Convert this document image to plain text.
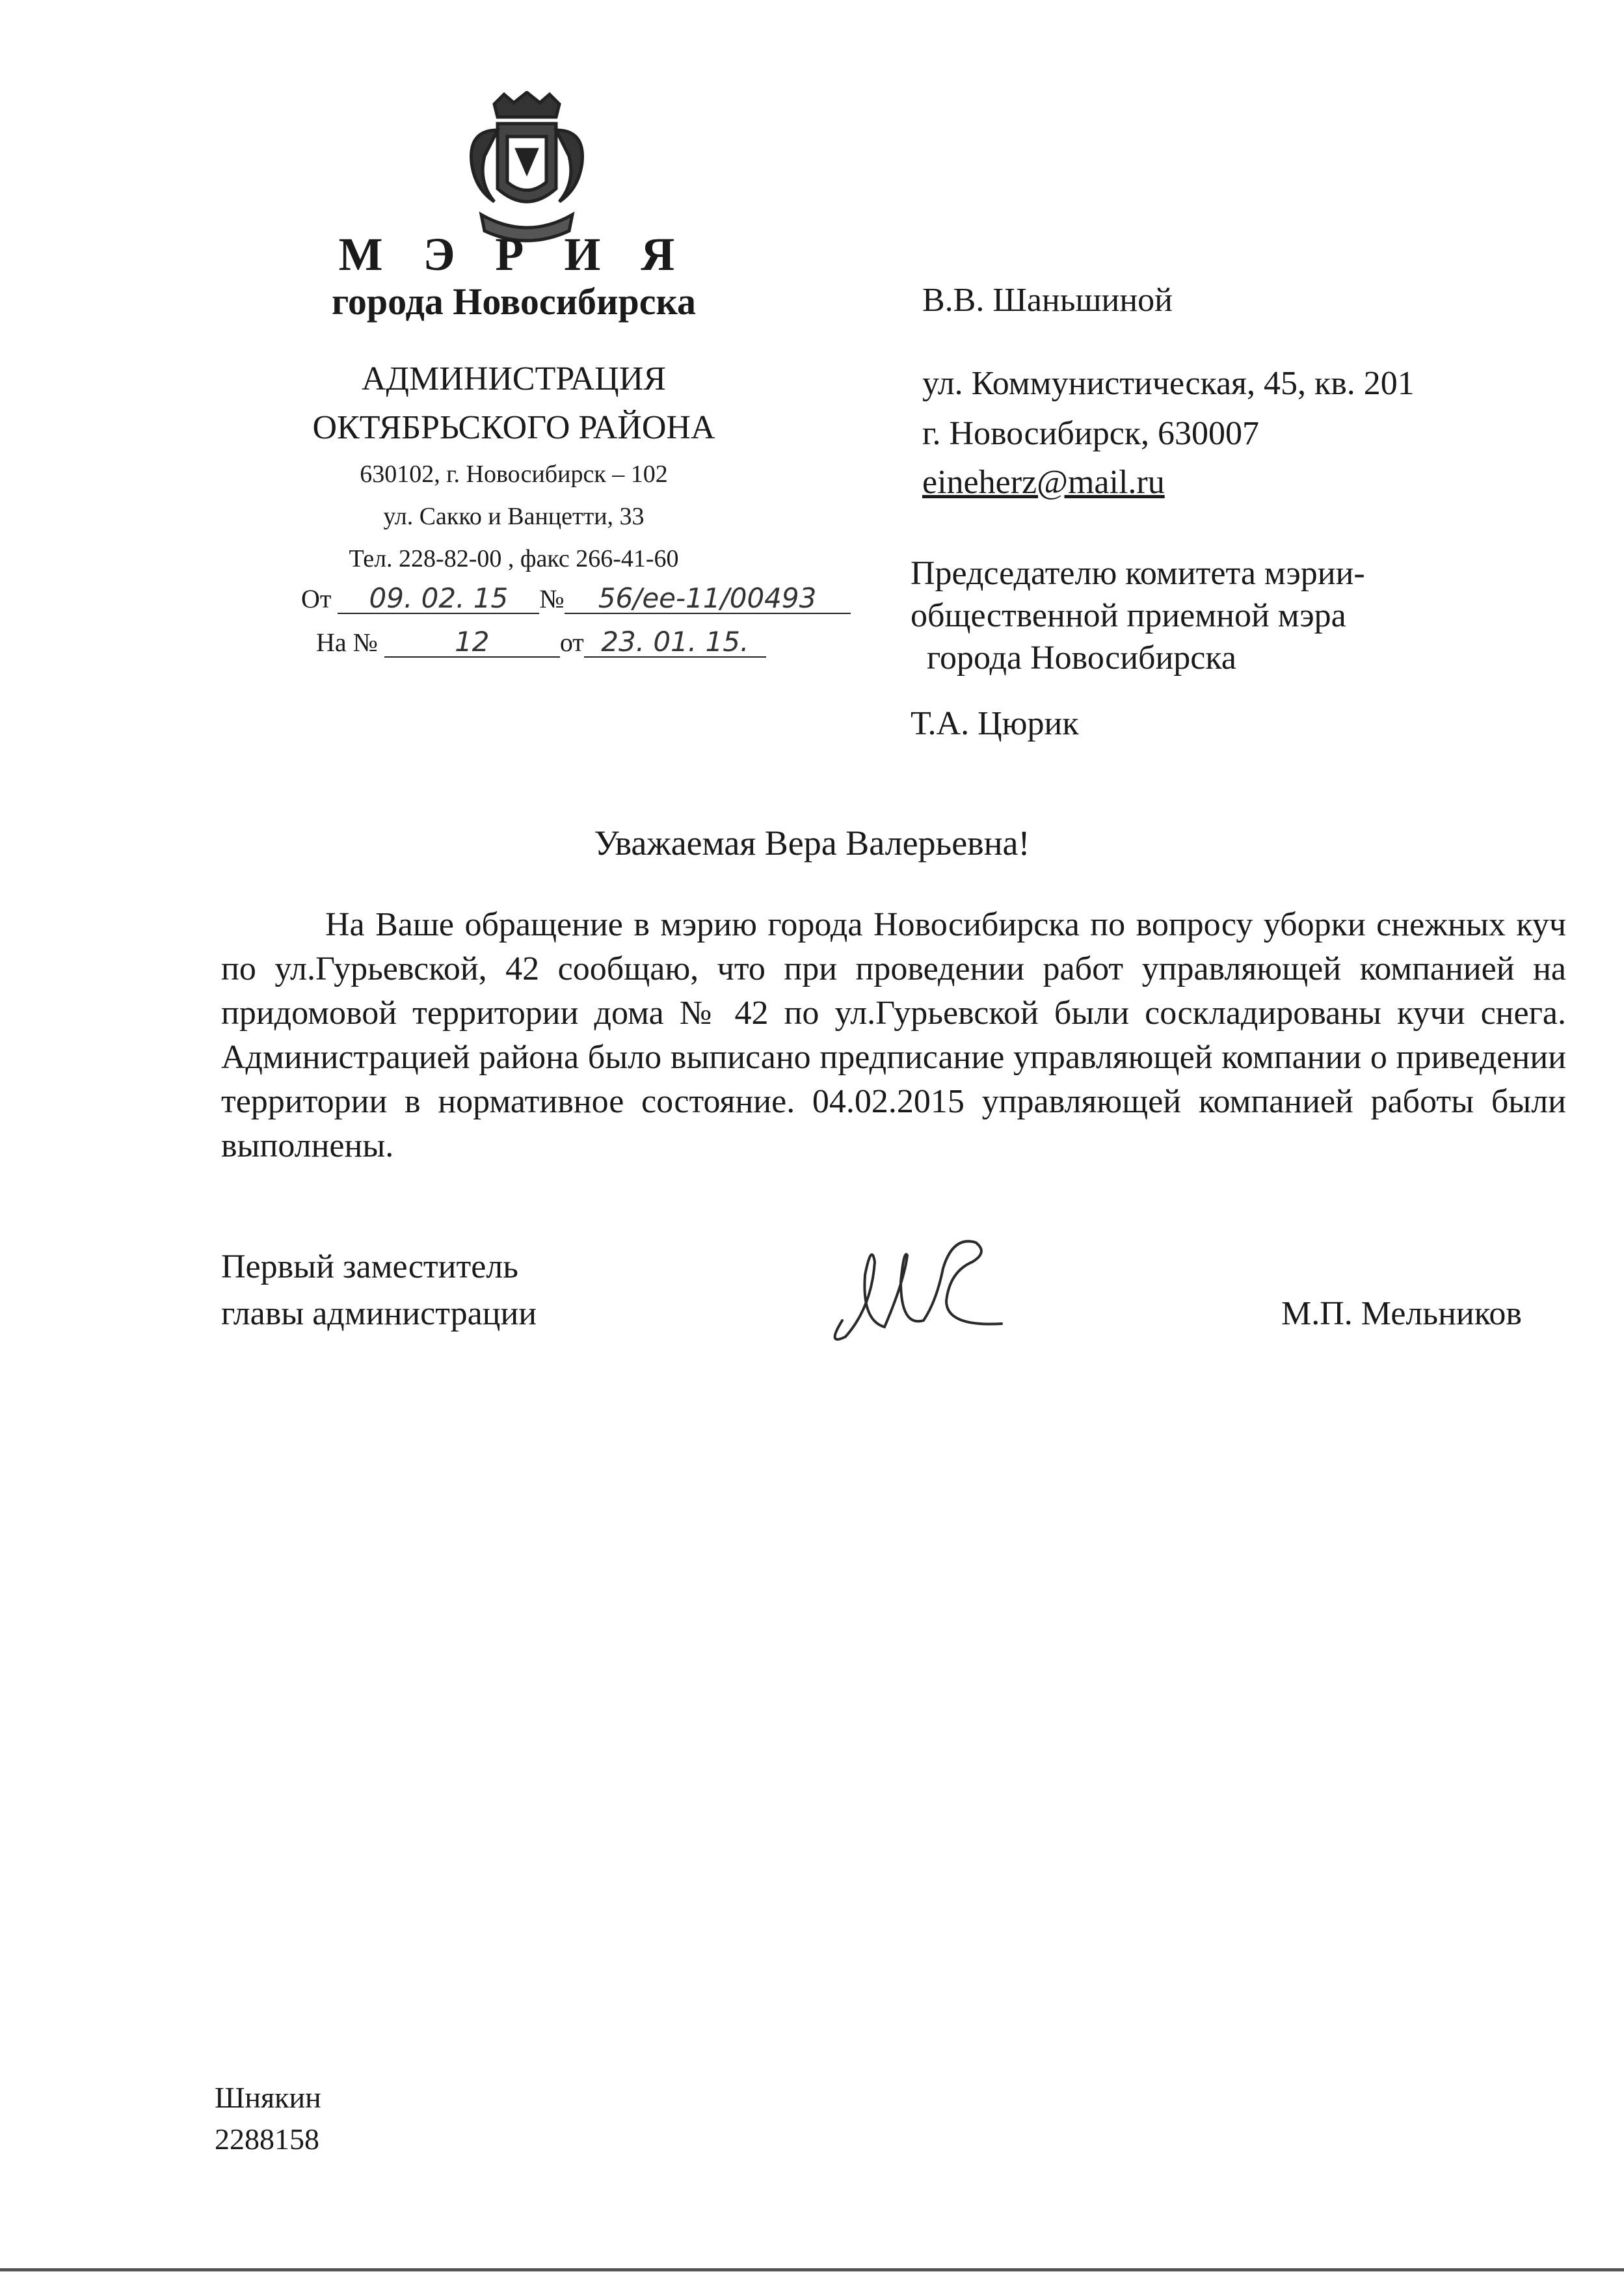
М Э Р И Я
города Новосибирска
АДМИНИСТРАЦИЯ
ОКТЯБРЬСКОГО РАЙОНА
630102, г. Новосибирск – 102
ул. Сакко и Ванцетти, 33
Тел. 228-82-00 , факс 266-41-60
От 09. 02. 15 № 56/ее-11/00493
На №	12	от 23. 01. 15.
В.В. Шаньшиной
ул. Коммунистическая, 45, кв. 201
г. Новосибирск, 630007
eineherz@mail.ru
Председателю комитета мэрии-
общественной приемной мэра
города Новосибирска
Т.А. Цюрик
Уважаемая Вера Валерьевна!
На Ваше обращение в мэрию города Новосибирска по вопросу уборки снежных куч по ул.Гурьевской, 42 сообщаю, что при проведении работ управляющей компанией на придомовой территории дома № 42 по ул.Гурьевской были соскладированы кучи снега. Администрацией района было выписано предписание управляющей компании о приведении территории в нормативное состояние. 04.02.2015 управляющей компанией работы были выполнены.
Первый заместитель
главы администрации	М.П. Мельников
Шнякин
2288158
